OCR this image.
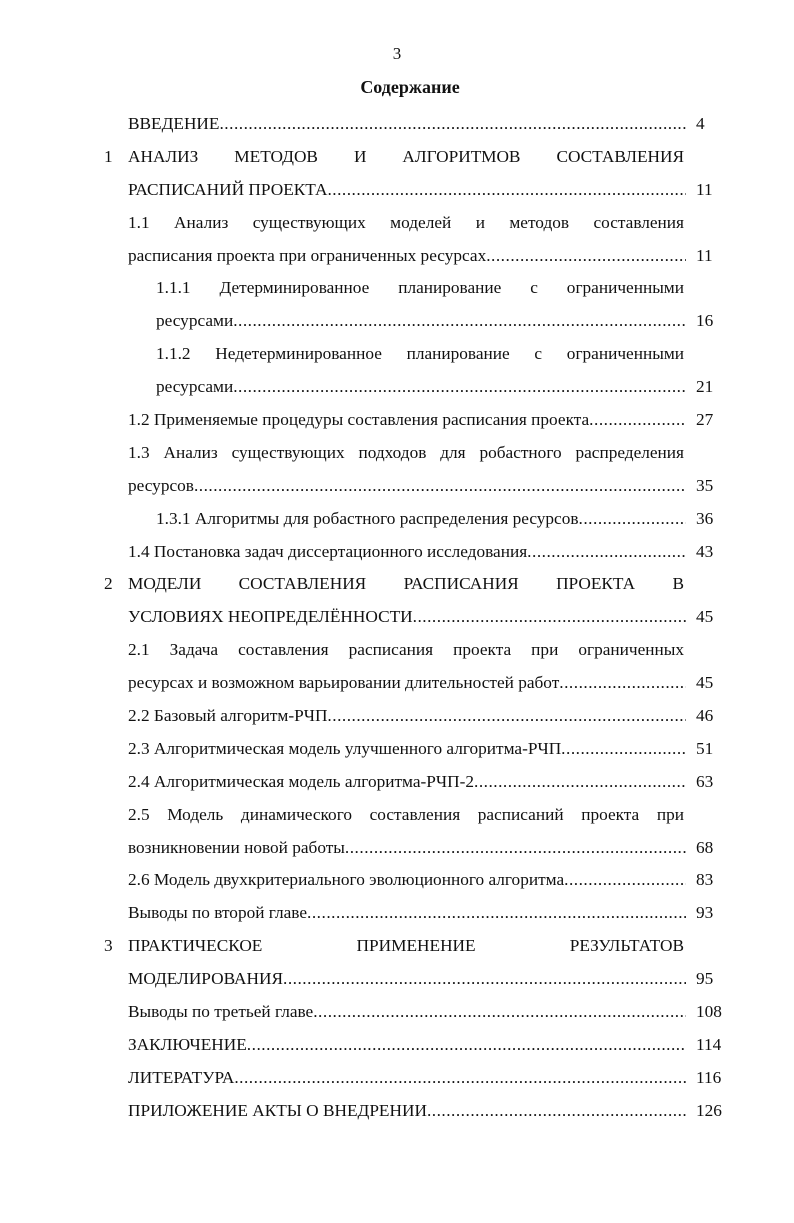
3
Содержание
ВВЕДЕНИЕ .....	4
1 АНАЛИЗ МЕТОДОВ И АЛГОРИТМОВ СОСТАВЛЕНИЯ
РАСПИСАНИЙ ПРОЕКТА .....	11
1.1 Анализ существующих моделей и методов составления
расписания проекта при ограниченных ресурсах .....	11
1.1.1 Детерминированное планирование с ограниченными
ресурсами .....	16
1.1.2 Недетерминированное планирование с ограниченными
ресурсами .....	21
1.2 Применяемые процедуры составления расписания проекта .....	27
1.3 Анализ существующих подходов для робастного распределения
ресурсов .....	35
1.3.1 Алгоритмы для робастного распределения ресурсов .....	36
1.4 Постановка задач диссертационного исследования .....	43
2 МОДЕЛИ СОСТАВЛЕНИЯ РАСПИСАНИЯ ПРОЕКТА В
УСЛОВИЯХ НЕОПРЕДЕЛЁННОСТИ .....	45
2.1 Задача составления расписания проекта при ограниченных
ресурсах и возможном варьировании длительностей работ .....	45
2.2 Базовый алгоритм-РЧП .....	46
2.3 Алгоритмическая модель улучшенного алгоритма-РЧП .....	51
2.4 Алгоритмическая модель алгоритма-РЧП-2 .....	63
2.5 Модель динамического составления расписаний проекта при
возникновении новой работы .....	68
2.6 Модель двухкритериального эволюционного алгоритма .....	83
Выводы по второй главе .....	93
3 ПРАКТИЧЕСКОЕ ПРИМЕНЕНИЕ РЕЗУЛЬТАТОВ
МОДЕЛИРОВАНИЯ .....	95
Выводы по третьей главе .....	108
ЗАКЛЮЧЕНИЕ .....	114
ЛИТЕРАТУРА .....	116
ПРИЛОЖЕНИЕ АКТЫ О ВНЕДРЕНИИ .....	126
